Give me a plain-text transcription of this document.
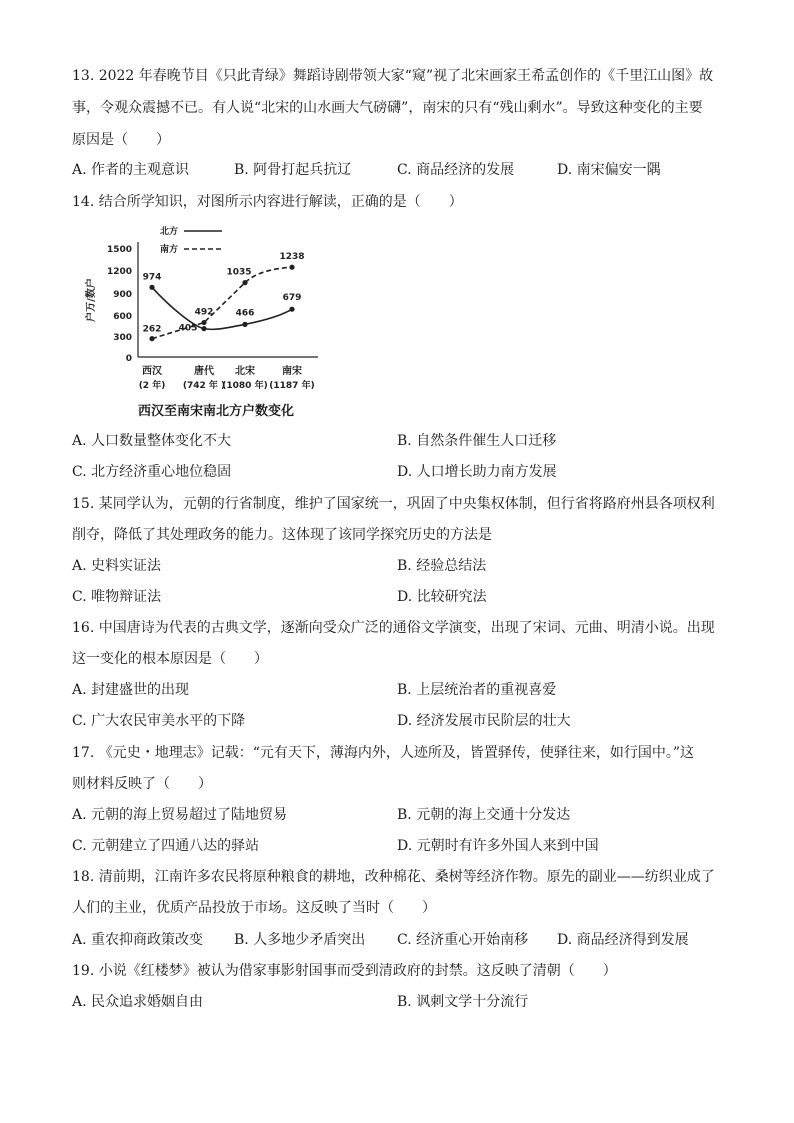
13. 2022 年春晚节目《只此青绿》舞蹈诗剧带领大家“窥”视了北宋画家王希孟创作的《千里江山图》故
事，令观众震撼不已。有人说“北宋的山水画大气磅礴”，南宋的只有“残山剩水”。导致这种变化的主要
原因是（　　）
A. 作者的主观意识	B. 阿骨打起兵抗辽	C. 商品经济的发展	D. 南宋偏安一隅
14. 结合所学知识，对图所示内容进行解读，正确的是（　　）
1500
1200
900
600
300
0
户万/数户
西汉
(2 年)
唐代
(742 年 )
北宋
(1080 年)
南宋
(1187 年)
北方
南方
974
405
466
679
262
492
1035
1238
西汉至南宋南北方户数变化
A. 人口数量整体变化不大	B. 自然条件催生人口迁移
C. 北方经济重心地位稳固	D. 人口增长助力南方发展
15. 某同学认为，元朝的行省制度，维护了国家统一，巩固了中央集权体制，但行省将路府州县各项权利
削夺，降低了其处理政务的能力。这体现了该同学探究历史的方法是
A. 史料实证法	B. 经验总结法
C. 唯物辩证法	D. 比较研究法
16. 中国唐诗为代表的古典文学，逐渐向受众广泛的通俗文学演变，出现了宋词、元曲、明清小说。出现
这一变化的根本原因是（　　）
A. 封建盛世的出现	B. 上层统治者的重视喜爱
C. 广大农民审美水平的下降	D. 经济发展市民阶层的壮大
17. 《元史・地理志》记载：“元有天下，薄海内外，人迹所及，皆置驿传，使驿往来，如行国中。”这
则材料反映了（　　）
A. 元朝的海上贸易超过了陆地贸易	B. 元朝的海上交通十分发达
C. 元朝建立了四通八达的驿站	D. 元朝时有许多外国人来到中国
18. 清前期，江南许多农民将原种粮食的耕地，改种棉花、桑树等经济作物。原先的副业——纺织业成了
人们的主业，优质产品投放于市场。这反映了当时（　　）
A. 重农抑商政策改变 B. 人多地少矛盾突出 C. 经济重心开始南移 D. 商品经济得到发展
19. 小说《红楼梦》被认为借家事影射国事而受到清政府的封禁。这反映了清朝（　　）
A. 民众追求婚姻自由	B. 讽刺文学十分流行
